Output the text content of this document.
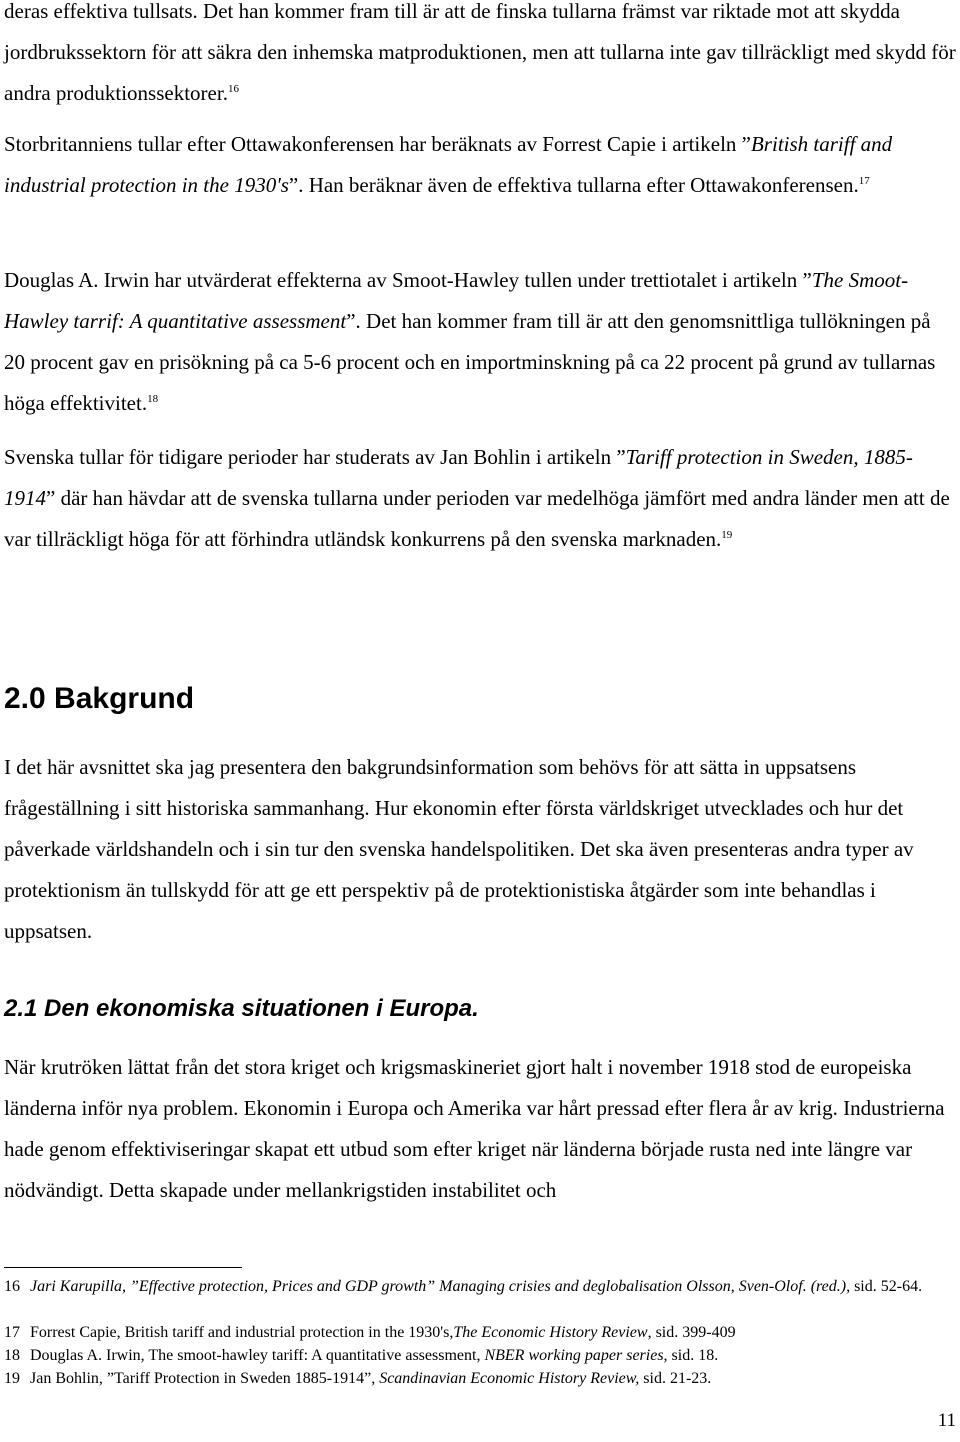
deras effektiva tullsats. Det han kommer fram till är att de finska tullarna främst var riktade mot att skydda jordbrukssektorn för att säkra den inhemska matproduktionen, men att tullarna inte gav tillräckligt med skydd för andra produktionssektorer.$^{16}$

Storbritanniens tullar efter Ottawakonferensen har beräknats av Forrest Capie i artikeln ”British tariff and industrial protection in the 1930's”. Han beräknar även de effektiva tullarna efter Ottawakonferensen.$^{17}$

Douglas A. Irwin har utvärderat effekterna av Smoot-Hawley tullen under trettiotalet i artikeln ”The Smoot-Hawley tarrif: A quantitative assessment”. Det han kommer fram till är att den genomsnittliga tullökningen på 20 procent gav en prisökning på ca 5-6 procent och en importminskning på ca 22 procent på grund av tullarnas höga effektivitet.$^{18}$

Svenska tullar för tidigare perioder har studerats av Jan Bohlin i artikeln ”Tariff protection in Sweden, 1885-1914” där han hävdar att de svenska tullarna under perioden var medelhöga jämfört med andra länder men att de var tillräckligt höga för att förhindra utländsk konkurrens på den svenska marknaden.$^{19}$

2.0 Bakgrund

I det här avsnittet ska jag presentera den bakgrundsinformation som behövs för att sätta in uppsatsens frågeställning i sitt historiska sammanhang. Hur ekonomin efter första världskriget utvecklades och hur det påverkade världshandeln och i sin tur den svenska handelspolitiken. Det ska även presenteras andra typer av protektionism än tullskydd för att ge ett perspektiv på de protektionistiska åtgärder som inte behandlas i uppsatsen.

2.1 Den ekonomiska situationen i Europa.

När krutröken lättat från det stora kriget och krigsmaskineriet gjort halt i november 1918 stod de europeiska länderna inför nya problem. Ekonomin i Europa och Amerika var hårt pressad efter flera år av krig. Industrierna hade genom effektiviseringar skapat ett utbud som efter kriget när länderna började rusta ned inte längre var nödvändigt. Detta skapade under mellankrigstiden instabilitet och

16 Jari Karupilla, ”Effective protection, Prices and GDP growth” Managing crisies and deglobalisation Olsson, Sven-Olof. (red.), sid. 52-64.
17 Forrest Capie, British tariff and industrial protection in the 1930's,The Economic History Review, sid. 399-409
18 Douglas A. Irwin, The smoot-hawley tariff: A quantitative assessment, NBER working paper series, sid. 18.
19 Jan Bohlin, ”Tariff Protection in Sweden 1885-1914”, Scandinavian Economic History Review, sid. 21-23.
11
